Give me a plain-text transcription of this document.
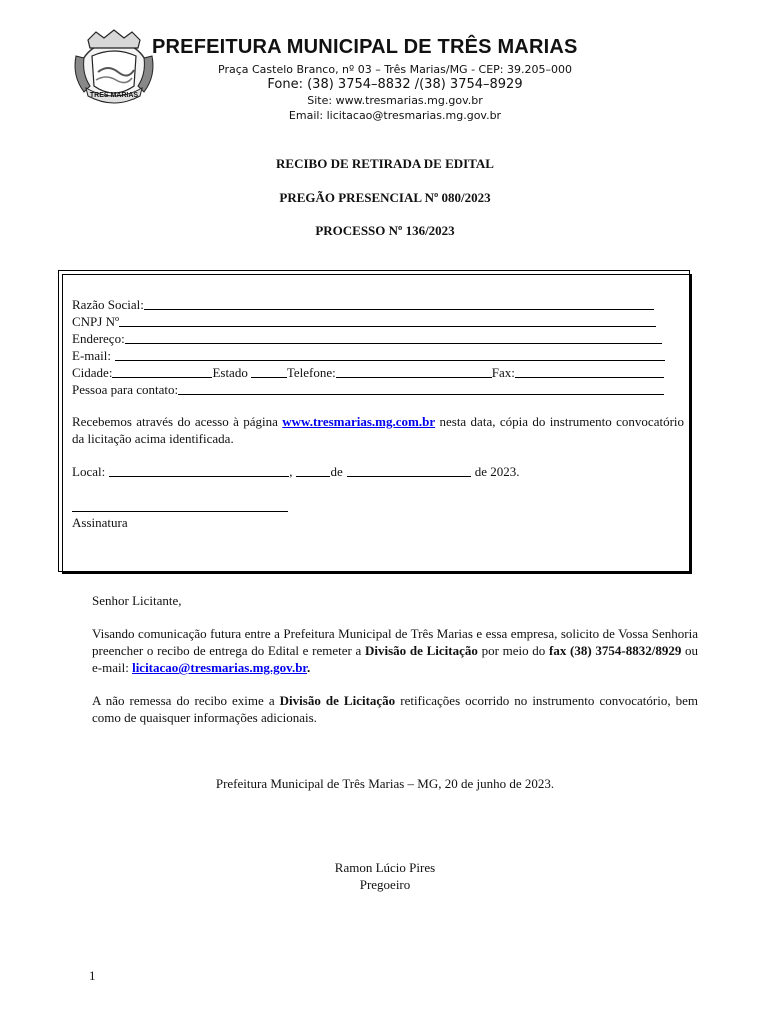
TRES MARIAS
PREFEITURA MUNICIPAL DE TRÊS MARIAS
Praça Castelo Branco, nº 03 – Três Marias/MG - CEP: 39.205–000
Fone: (38) 3754–8832 /(38) 3754–8929
Site: www.tresmarias.mg.gov.br
Email: licitacao@tresmarias.mg.gov.br
RECIBO DE RETIRADA DE EDITAL
PREGÃO PRESENCIAL Nº 080/2023
PROCESSO Nº 136/2023
Razão Social:
CNPJ Nº
Endereço:
E-mail:
Cidade:	Estado	Telefone:	Fax:
Pessoa para contato:
Recebemos através do acesso à página www.tresmarias.mg.com.br nesta data, cópia do instrumento convocatório da licitação acima identificada.
Local:	,	de	de 2023.
Assinatura
Senhor Licitante,
Visando comunicação futura entre a Prefeitura Municipal de Três Marias e essa empresa, solicito de Vossa Senhoria preencher o recibo de entrega do Edital e remeter a Divisão de Licitação por meio do fax (38) 3754-8832/8929 ou e-mail: licitacao@tresmarias.mg.gov.br.
A não remessa do recibo exime a Divisão de Licitação retificações ocorrido no instrumento convocatório, bem como de quaisquer informações adicionais.
Prefeitura Municipal de Três Marias – MG, 20 de junho de 2023.
Ramon Lúcio Pires
Pregoeiro
1
